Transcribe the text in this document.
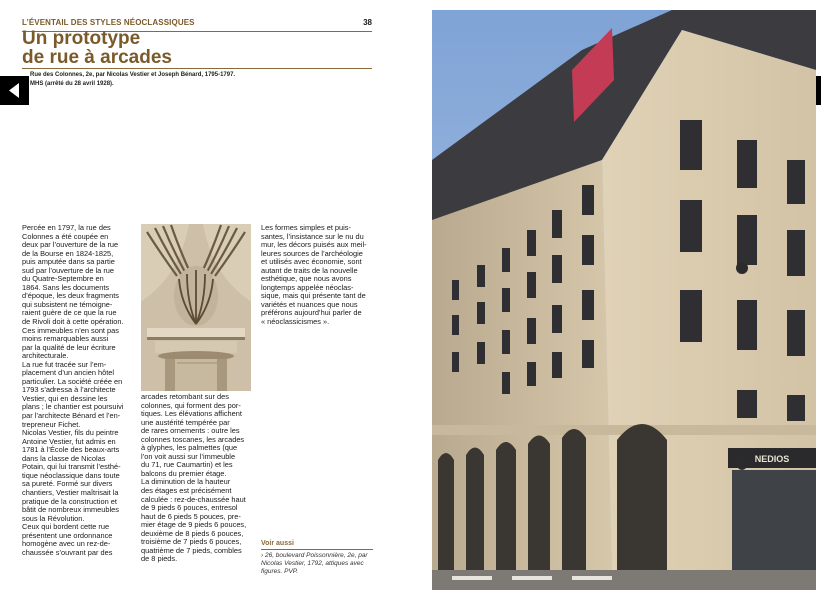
L’ÉVENTAIL DES STYLES NÉOCLASSIQUES	38
Un prototype
de rue à arcades
Rue des Colonnes, 2e, par Nicolas Vestier et Joseph Bénard, 1795-1797.
MHS (arrêté du 28 avril 1928).
Percée en 1797, la rue des
Colonnes a été coupée en
deux par l’ouverture de la rue
de la Bourse en 1824-1825,
puis amputée dans sa partie
sud par l’ouverture de la rue
du Quatre-Septembre en
1864. Sans les documents
d’époque, les deux fragments
qui subsistent ne témoigne-
raient guère de ce que la rue
de Rivoli doit à cette opération.
Ces immeubles n’en sont pas
moins remarquables aussi
par la qualité de leur écriture
architecturale.
La rue fut tracée sur l’em-
placement d’un ancien hôtel
particulier. La société créée en
1793 s’adressa à l’architecte
Vestier, qui en dessine les
plans ; le chantier est poursuivi
par l’architecte Bénard et l’en-
trepreneur Fichet.
Nicolas Vestier, fils du peintre
Antoine Vestier, fut admis en
1781 à l’École des beaux-arts
dans la classe de Nicolas
Potain, qui lui transmit l’esthé-
tique néoclassique dans toute
sa pureté. Formé sur divers
chantiers, Vestier maîtrisait la
pratique de la construction et
bâtit de nombreux immeubles
sous la Révolution.
Ceux qui bordent cette rue
présentent une ordonnance
homogène avec un rez-de-
chaussée s’ouvrant par des
arcades retombant sur des
colonnes, qui forment des por-
tiques. Les élévations affichent
une austérité tempérée par
de rares ornements : outre les
colonnes toscanes, les arcades
à glyphes, les palmettes (que
l’on voit aussi sur l’immeuble
du 71, rue Caumartin) et les
balcons du premier étage.
La diminution de la hauteur
des étages est précisément
calculée : rez-de-chaussée haut
de 9 pieds 6 pouces, entresol
haut de 6 pieds 5 pouces, pre-
mier étage de 9 pieds 6 pouces,
deuxième de 8 pieds 6 pouces,
troisième de 7 pieds 6 pouces,
quatrième de 7 pieds, combles
de 8 pieds.
Les formes simples et puis-
santes, l’insistance sur le nu du
mur, les décors puisés aux meil-
leures sources de l’archéologie
et utilisés avec économie, sont
autant de traits de la nouvelle
esthétique, que nous avons
longtemps appelée néoclas-
sique, mais qui présente tant de
variétés et nuances que nous
préférons aujourd’hui parler de
« néoclassicismes ».
Voir aussi
› 26, boulevard Poissonnière, 2e, par Nicolas Vestier, 1792, attiques avec figures. PVP.
NEDIOS
